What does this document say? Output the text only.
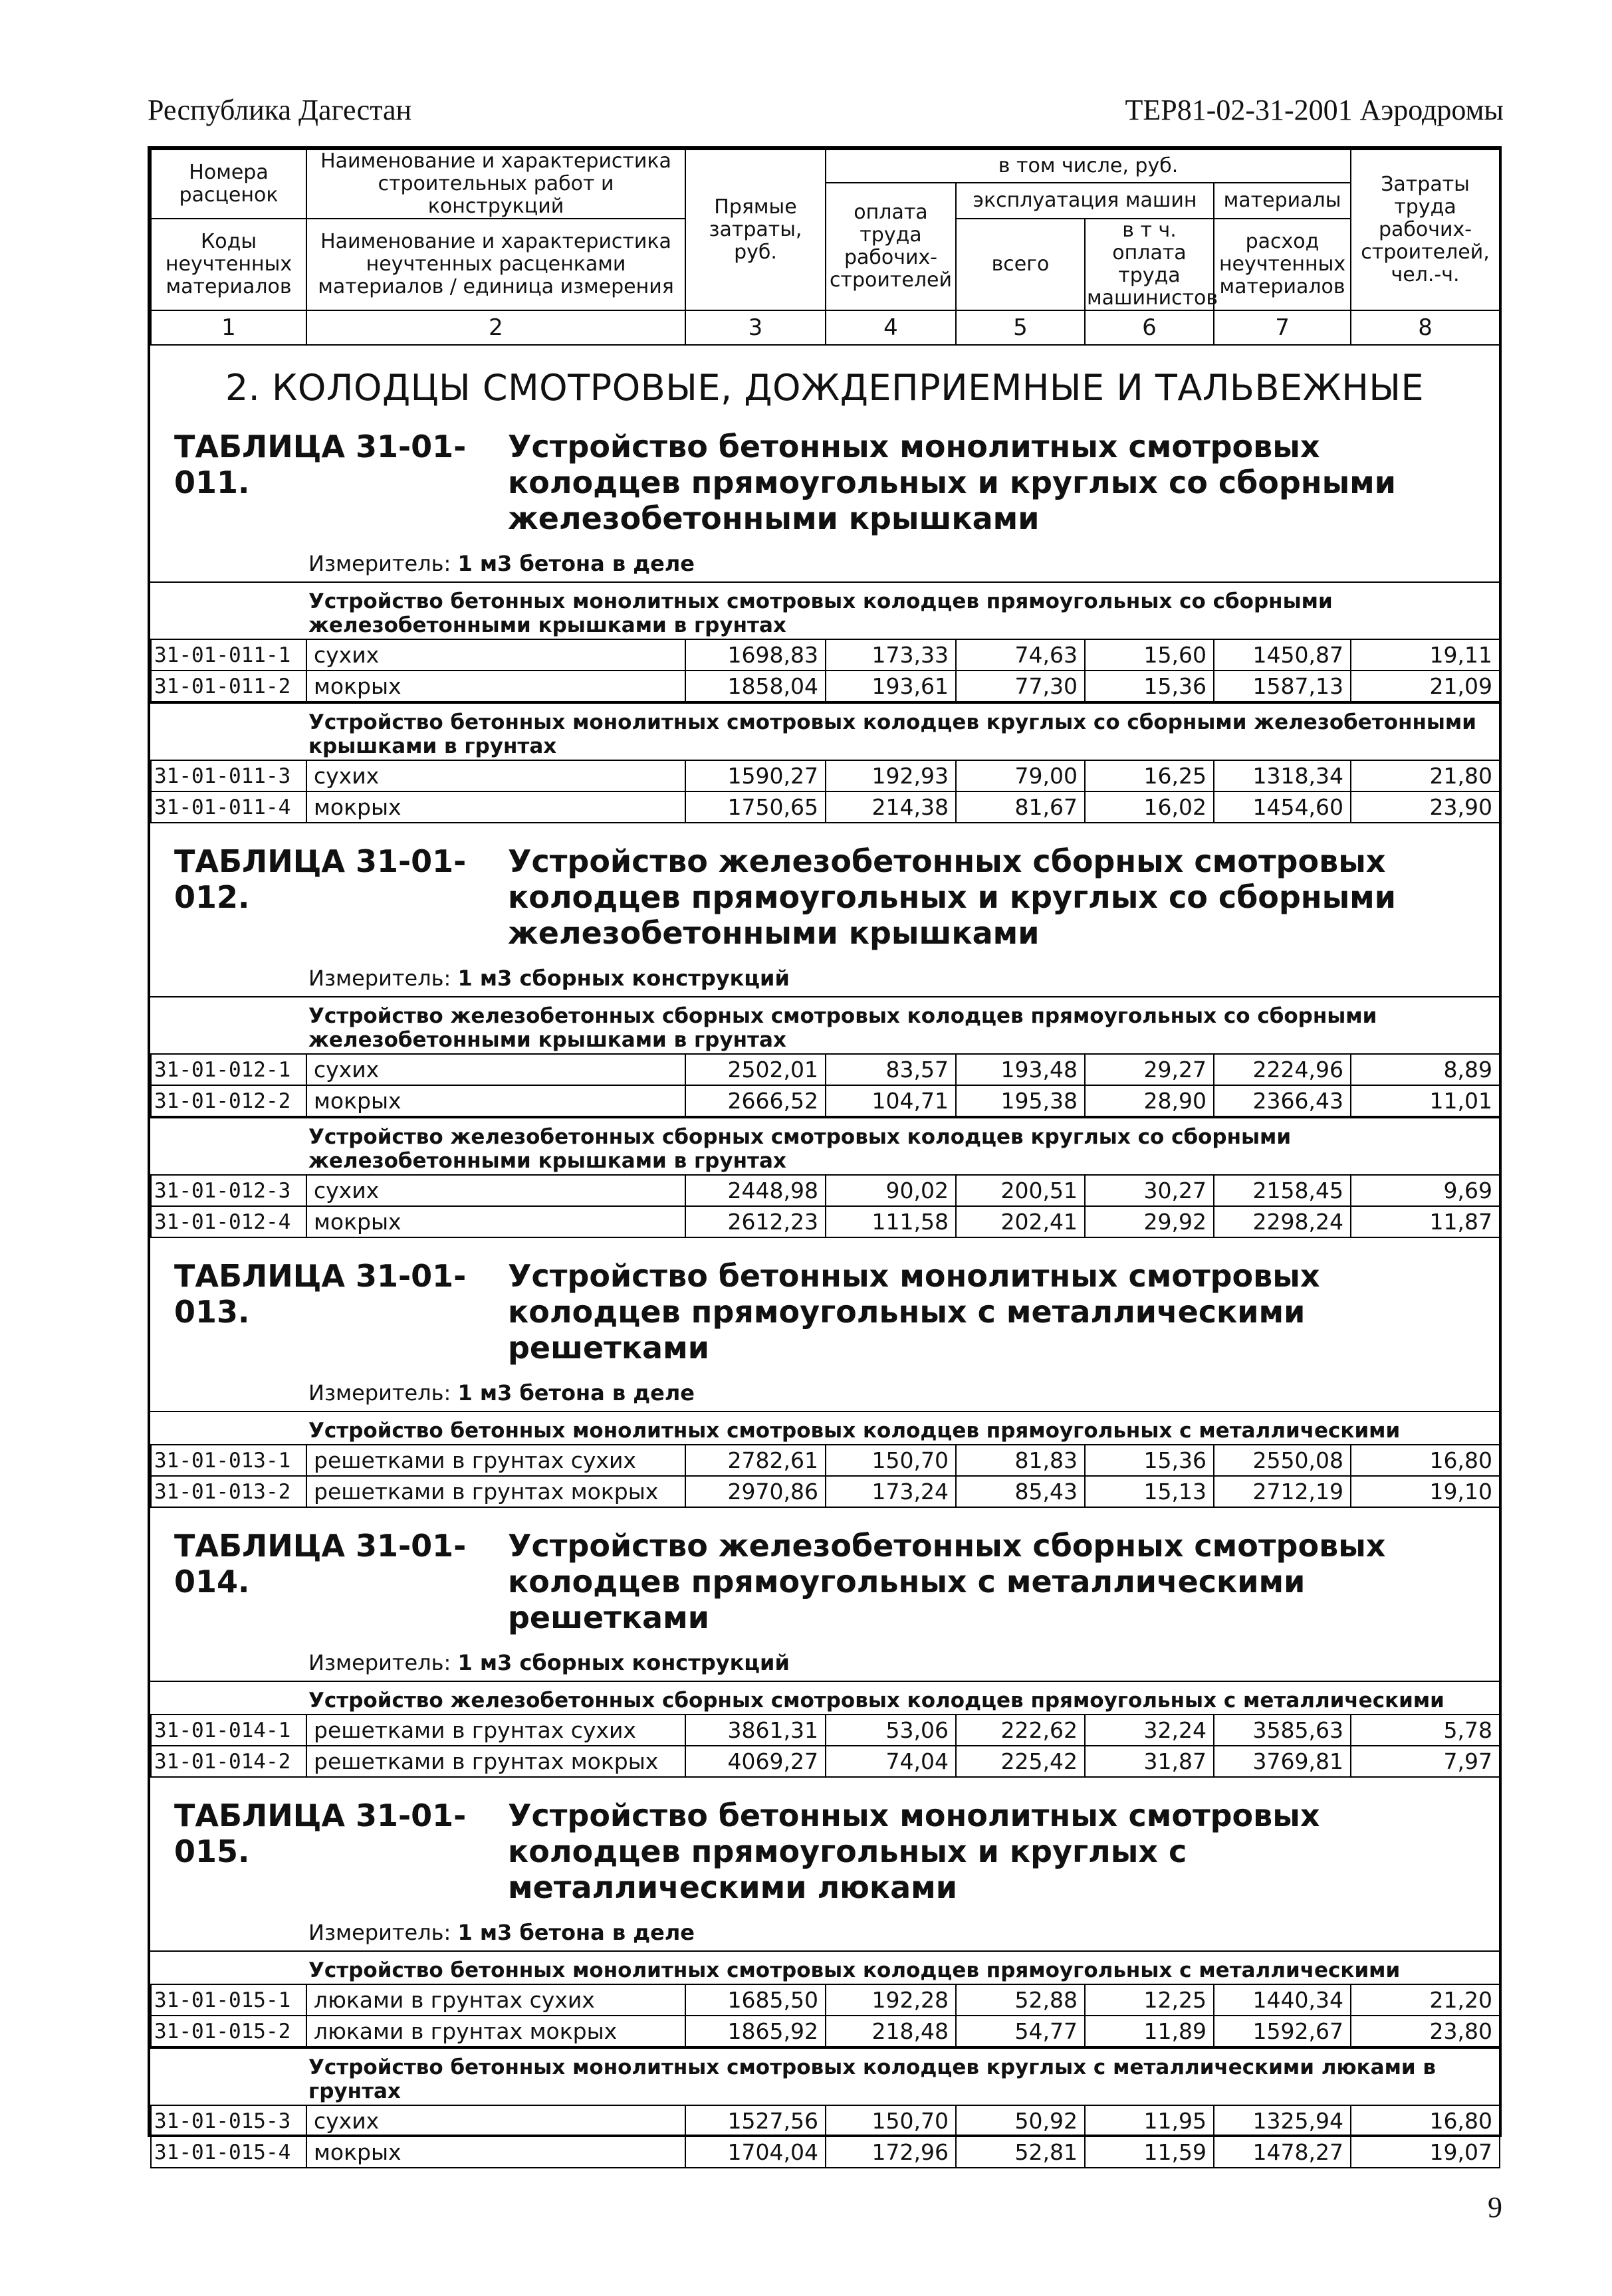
Республика Дагестан	ТЕР81-02-31-2001 Аэродромы
Номера расценок	Наименование и характеристика строительных работ и конструкций	Прямые затраты, руб.	в том числе, руб.				Затраты труда рабочих-строителей, чел.-ч.
			оплата труда рабочих-строителей	эксплуатация машин		материалы	
Коды неучтенных материалов	Наименование и характеристика неучтенных расценками материалов / единица измерения			всего	в т ч. оплата труда машинистов	расход неучтенных материалов	

1	2	3	4	5	6	7	8
2. КОЛОДЦЫ СМОТРОВЫЕ, ДОЖДЕПРИЕМНЫЕ И ТАЛЬВЕЖНЫЕ
ТАБЛИЦА 31-01-011.
Устройство бетонных монолитных смотровых колодцев прямоугольных и круглых со сборными железобетонными крышками
Измеритель: 1 м3 бетона в деле
Устройство бетонных монолитных смотровых колодцев прямоугольных со сборными железобетонными крышками в грунтах
31-01-011-1	сухих	1698,83	173,33	74,63	15,60	1450,87	19,11
31-01-011-2	мокрых	1858,04	193,61	77,30	15,36	1587,13	21,09
Устройство бетонных монолитных смотровых колодцев круглых со сборными железобетонными крышками в грунтах
31-01-011-3	сухих	1590,27	192,93	79,00	16,25	1318,34	21,80
31-01-011-4	мокрых	1750,65	214,38	81,67	16,02	1454,60	23,90
ТАБЛИЦА 31-01-012.
Устройство железобетонных сборных смотровых колодцев прямоугольных и круглых со сборными железобетонными крышками
Измеритель: 1 м3 сборных конструкций
Устройство железобетонных сборных смотровых колодцев прямоугольных со сборными железобетонными крышками в грунтах
31-01-012-1	сухих	2502,01	83,57	193,48	29,27	2224,96	8,89
31-01-012-2	мокрых	2666,52	104,71	195,38	28,90	2366,43	11,01
Устройство железобетонных сборных смотровых колодцев круглых со сборными железобетонными крышками в грунтах
31-01-012-3	сухих	2448,98	90,02	200,51	30,27	2158,45	9,69
31-01-012-4	мокрых	2612,23	111,58	202,41	29,92	2298,24	11,87
ТАБЛИЦА 31-01-013.
Устройство бетонных монолитных смотровых колодцев прямоугольных с металлическими решетками
Измеритель: 1 м3 бетона в деле
Устройство бетонных монолитных смотровых колодцев прямоугольных с металлическими
31-01-013-1	решетками в грунтах сухих	2782,61	150,70	81,83	15,36	2550,08	16,80
31-01-013-2	решетками в грунтах мокрых	2970,86	173,24	85,43	15,13	2712,19	19,10
ТАБЛИЦА 31-01-014.
Устройство железобетонных сборных смотровых колодцев прямоугольных с металлическими решетками
Измеритель: 1 м3 сборных конструкций
Устройство железобетонных сборных смотровых колодцев прямоугольных с металлическими
31-01-014-1	решетками в грунтах сухих	3861,31	53,06	222,62	32,24	3585,63	5,78
31-01-014-2	решетками в грунтах мокрых	4069,27	74,04	225,42	31,87	3769,81	7,97
ТАБЛИЦА 31-01-015.
Устройство бетонных монолитных смотровых колодцев прямоугольных и круглых с металлическими люками
Измеритель: 1 м3 бетона в деле
Устройство бетонных монолитных смотровых колодцев прямоугольных с металлическими
31-01-015-1	люками в грунтах сухих	1685,50	192,28	52,88	12,25	1440,34	21,20
31-01-015-2	люками в грунтах мокрых	1865,92	218,48	54,77	11,89	1592,67	23,80
Устройство бетонных монолитных смотровых колодцев круглых с металлическими люками в грунтах
31-01-015-3	сухих	1527,56	150,70	50,92	11,95	1325,94	16,80
31-01-015-4	мокрых	1704,04	172,96	52,81	11,59	1478,27	19,07
9
